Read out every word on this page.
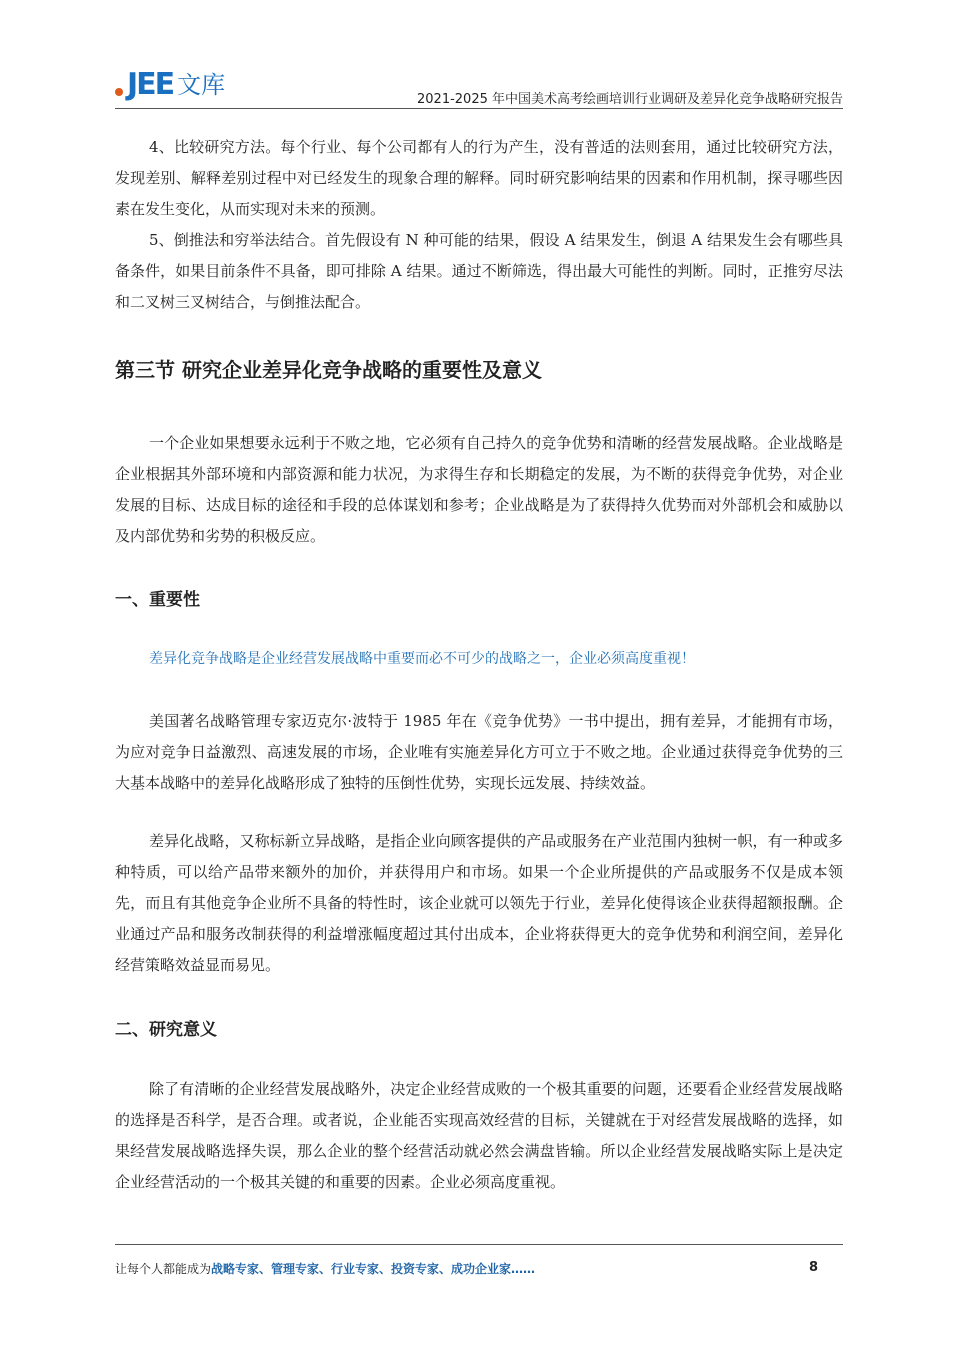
JEE 文库
2021-2025 年中国美术高考绘画培训行业调研及差异化竞争战略研究报告

4、比较研究方法。每个行业、每个公司都有人的行为产生，没有普适的法则套用，通过比较研究方法，发现差别、解释差别过程中对已经发生的现象合理的解释。同时研究影响结果的因素和作用机制，探寻哪些因素在发生变化，从而实现对未来的预测。

5、倒推法和穷举法结合。首先假设有 N 种可能的结果，假设 A 结果发生，倒退 A 结果发生会有哪些具备条件，如果目前条件不具备，即可排除 A 结果。通过不断筛选，得出最大可能性的判断。同时，正推穷尽法和二叉树三叉树结合，与倒推法配合。

第三节 研究企业差异化竞争战略的重要性及意义

一个企业如果想要永远利于不败之地，它必须有自己持久的竞争优势和清晰的经营发展战略。企业战略是企业根据其外部环境和内部资源和能力状况，为求得生存和长期稳定的发展，为不断的获得竞争优势，对企业发展的目标、达成目标的途径和手段的总体谋划和参考；企业战略是为了获得持久优势而对外部机会和威胁以及内部优势和劣势的积极反应。

一、重要性

差异化竞争战略是企业经营发展战略中重要而必不可少的战略之一，企业必须高度重视！

美国著名战略管理专家迈克尔·波特于 1985 年在《竞争优势》一书中提出，拥有差异，才能拥有市场，为应对竞争日益激烈、高速发展的市场，企业唯有实施差异化方可立于不败之地。企业通过获得竞争优势的三大基本战略中的差异化战略形成了独特的压倒性优势，实现长远发展、持续效益。

差异化战略，又称标新立异战略，是指企业向顾客提供的产品或服务在产业范围内独树一帜，有一种或多种特质，可以给产品带来额外的加价，并获得用户和市场。如果一个企业所提供的产品或服务不仅是成本领先，而且有其他竞争企业所不具备的特性时，该企业就可以领先于行业，差异化使得该企业获得超额报酬。企业通过产品和服务改制获得的利益增涨幅度超过其付出成本，企业将获得更大的竞争优势和利润空间，差异化经营策略效益显而易见。

二、研究意义

除了有清晰的企业经营发展战略外，决定企业经营成败的一个极其重要的问题，还要看企业经营发展战略的选择是否科学，是否合理。或者说，企业能否实现高效经营的目标，关键就在于对经营发展战略的选择，如果经营发展战略选择失误，那么企业的整个经营活动就必然会满盘皆输。所以企业经营发展战略实际上是决定企业经营活动的一个极其关键的和重要的因素。企业必须高度重视。

让每个人都能成为战略专家、管理专家、行业专家、投资专家、成功企业家……	8
